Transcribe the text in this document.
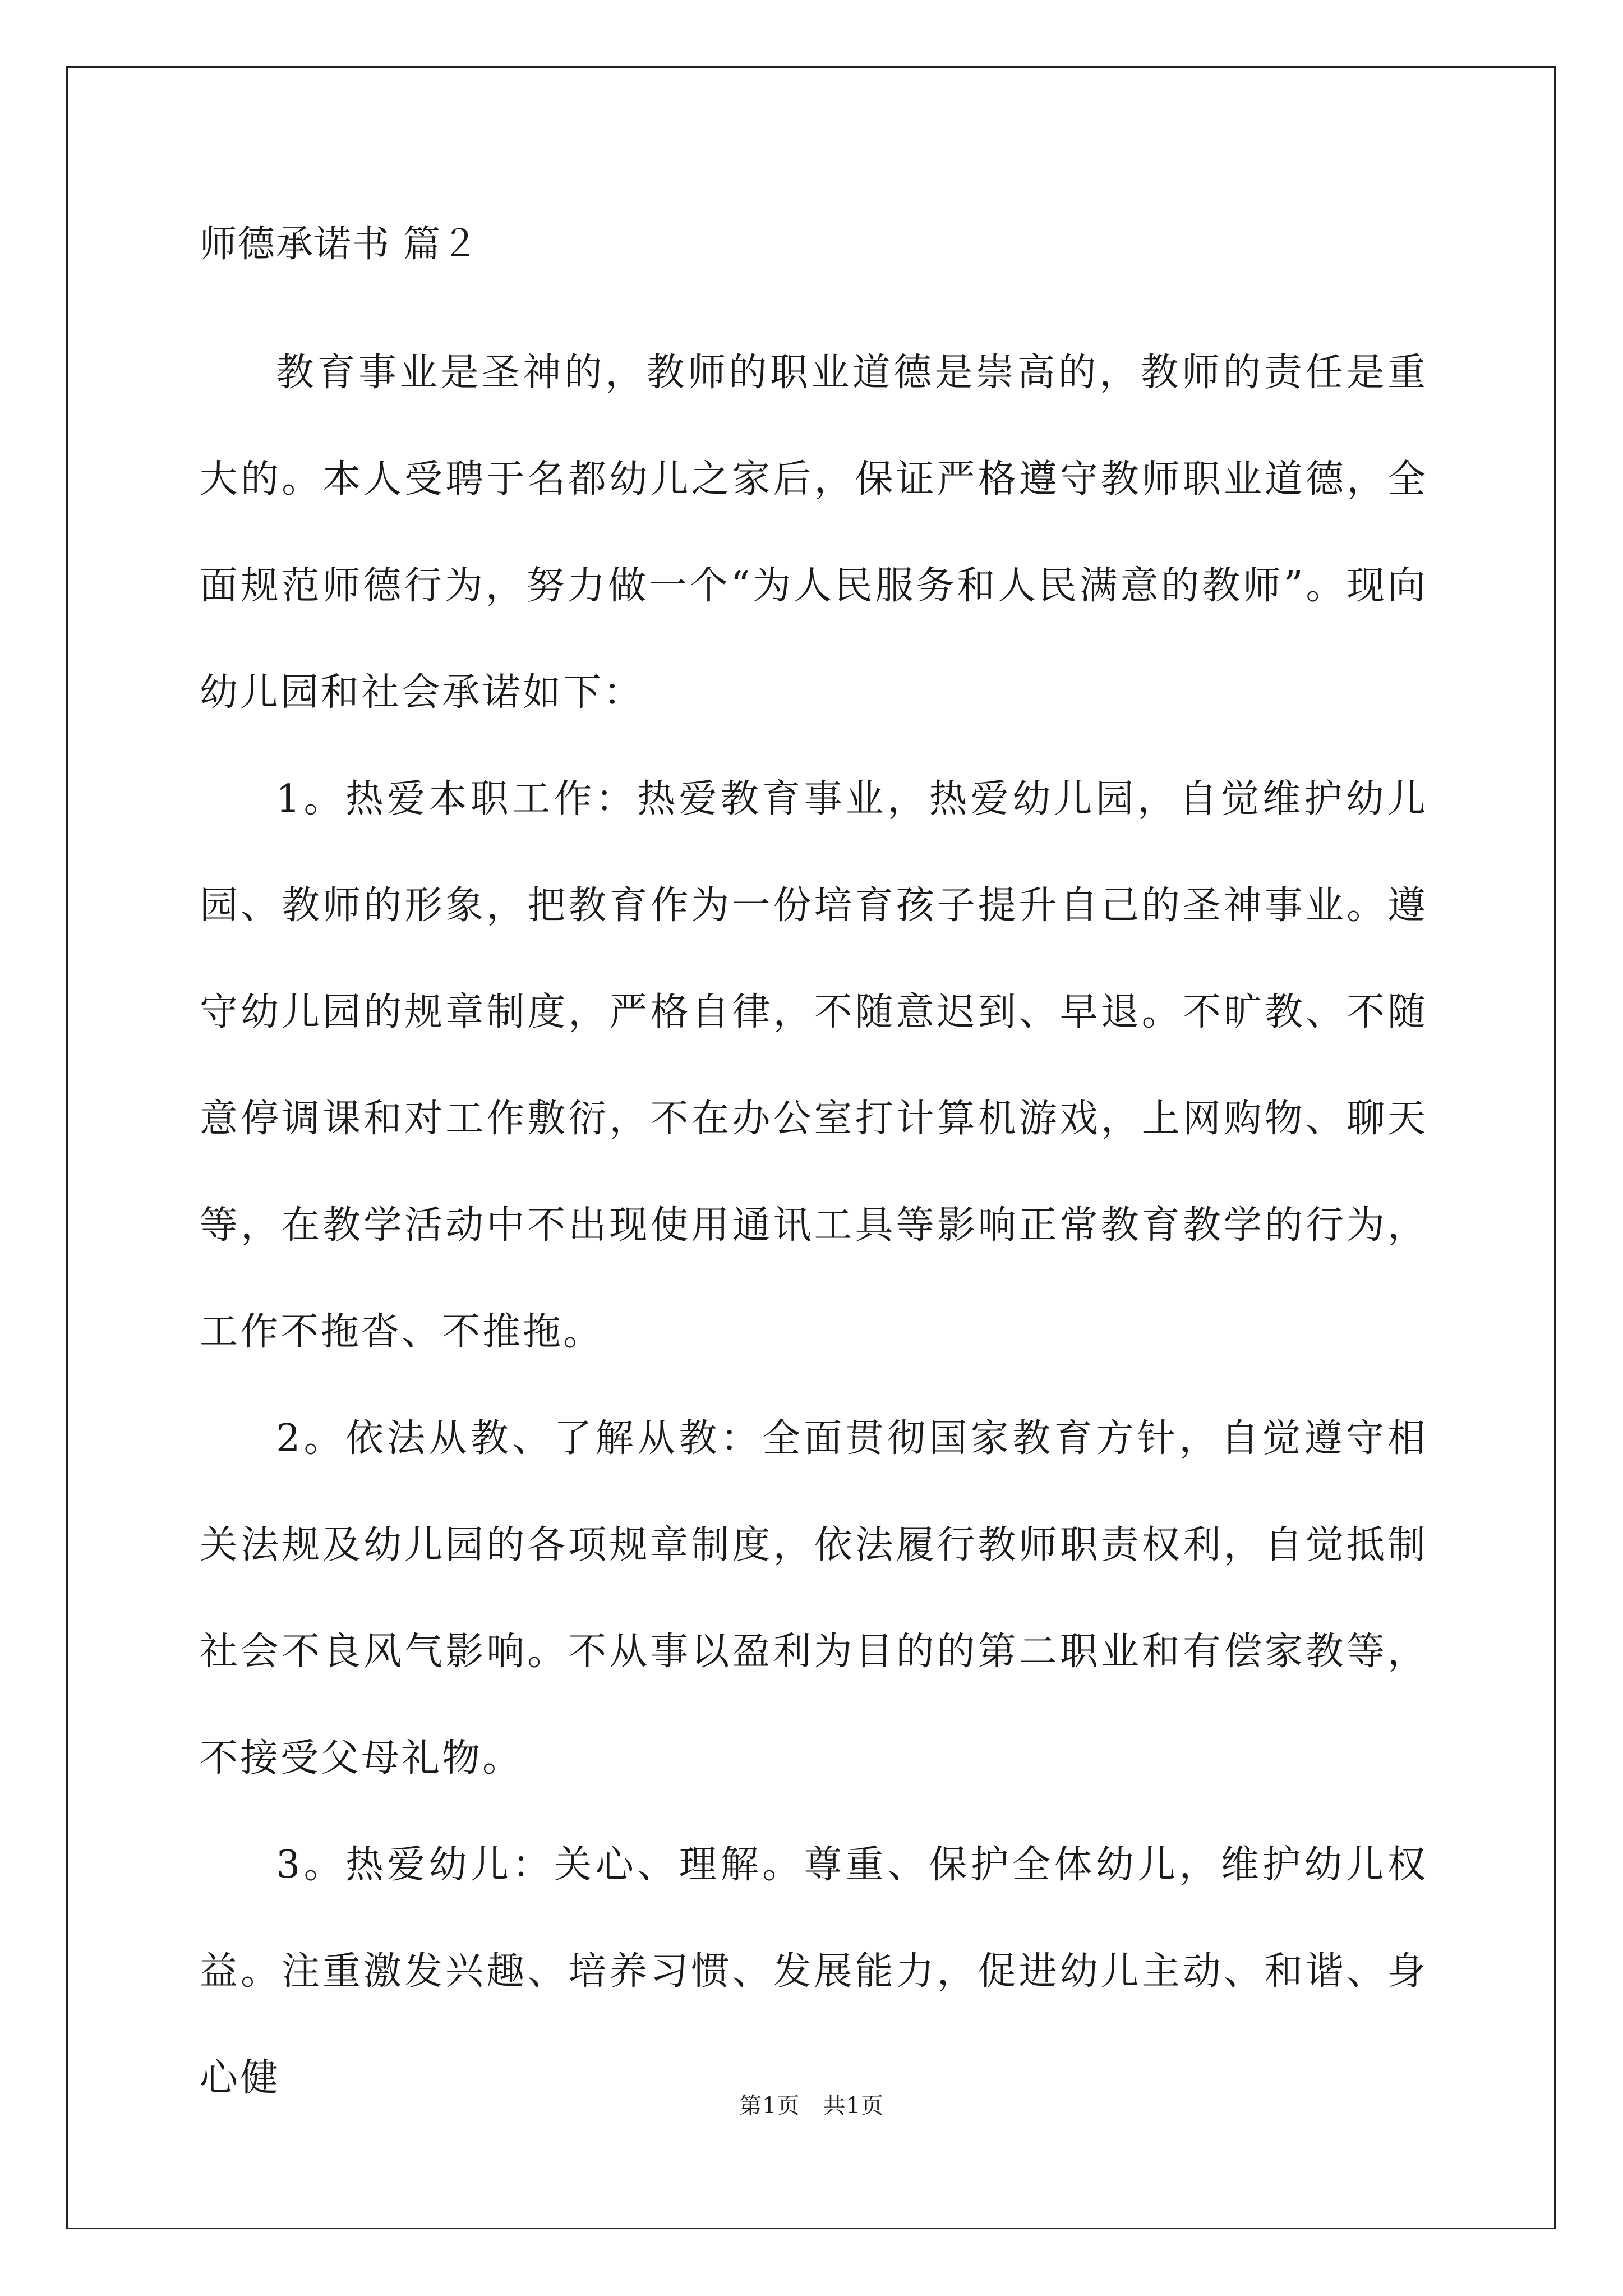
师德承诺书 篇２

教育事业是圣神的，教师的职业道德是崇高的，教师的责任是重大的。本人受聘于名都幼儿之家后，保证严格遵守教师职业道德，全面规范师德行为，努力做一个“为人民服务和人民满意的教师”。现向幼儿园和社会承诺如下：

1。热爱本职工作：热爱教育事业，热爱幼儿园，自觉维护幼儿园、教师的形象，把教育作为一份培育孩子提升自己的圣神事业。遵守幼儿园的规章制度，严格自律，不随意迟到、早退。不旷教、不随意停调课和对工作敷衍，不在办公室打计算机游戏，上网购物、聊天等，在教学活动中不出现使用通讯工具等影响正常教育教学的行为，工作不拖沓、不推拖。

2。依法从教、了解从教：全面贯彻国家教育方针，自觉遵守相关法规及幼儿园的各项规章制度，依法履行教师职责权利，自觉抵制社会不良风气影响。不从事以盈利为目的的第二职业和有偿家教等，不接受父母礼物。

3。热爱幼儿：关心、理解。尊重、保护全体幼儿，维护幼儿权益。注重激发兴趣、培养习惯、发展能力，促进幼儿主动、和谐、身心健

第1页　共1页
